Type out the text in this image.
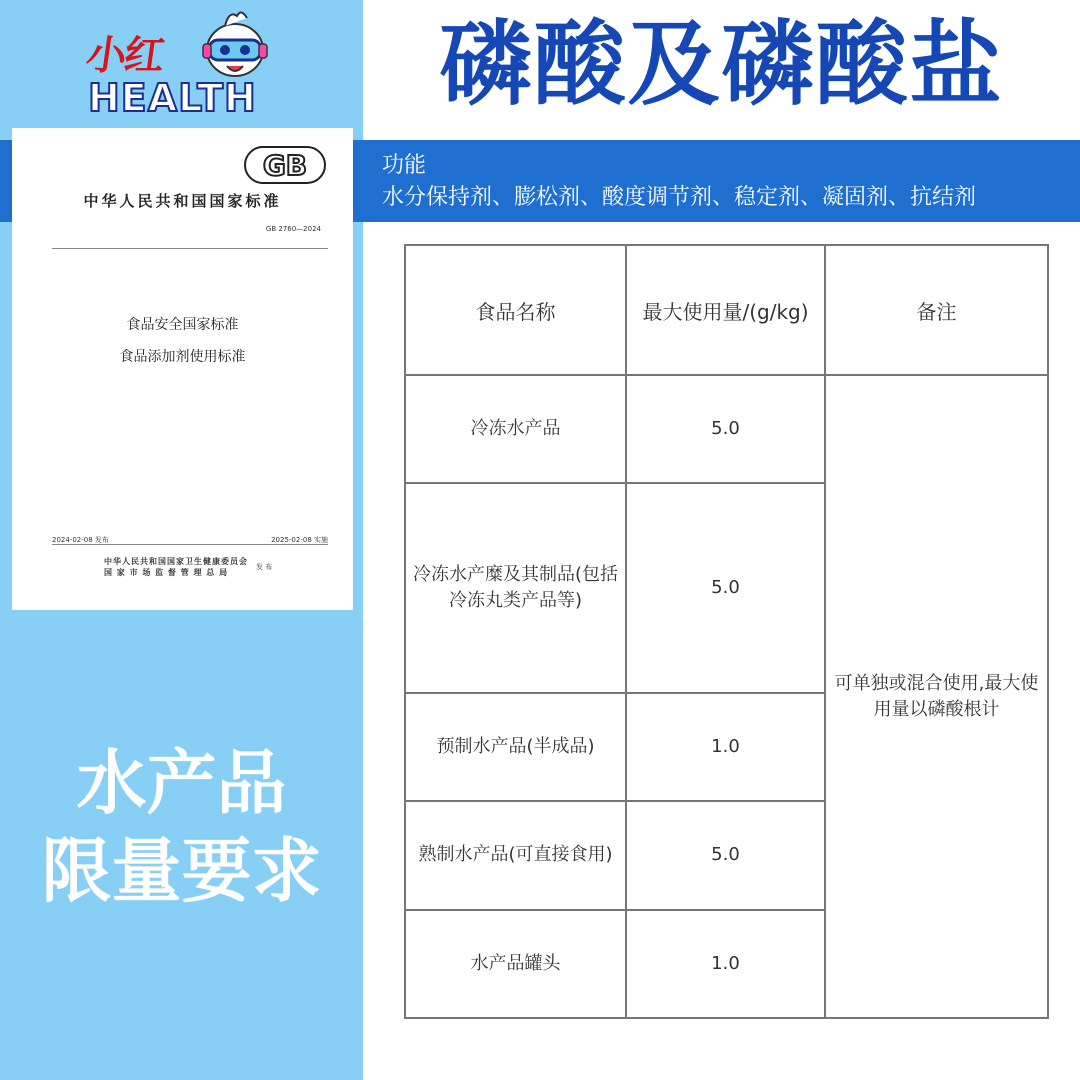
小红
HEALTH
GB
中华人民共和国国家标准
GB 2760—2024
食品安全国家标准
食品添加剂使用标准
2024-02-08 发布	2025-02-08 实施
中华人民共和国国家卫生健康委员会
国 家 市 场 监 督 管 理 总 局
发 布
水产品
限量要求
磷酸及磷酸盐
功能
水分保持剂、膨松剂、酸度调节剂、稳定剂、凝固剂、抗结剂
食品名称	最大使用量/(g/kg)	备注
冷冻水产品	5.0	可单独或混合使用,最大使用量以磷酸根计
冷冻水产糜及其制品(包括冷冻丸类产品等)	5.0	
预制水产品(半成品)	1.0	
熟制水产品(可直接食用)	5.0	
水产品罐头	1.0	
